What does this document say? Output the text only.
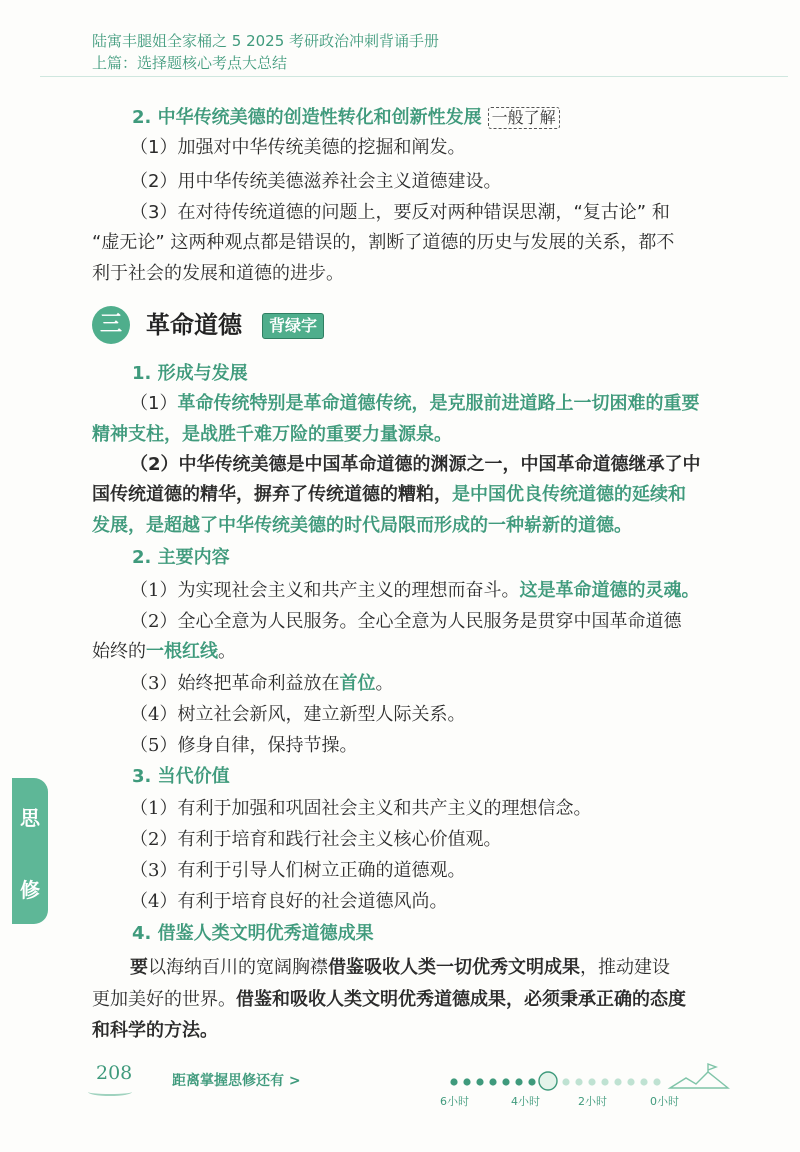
陆寓丰腿姐全家桶之 5 2025 考研政治冲刺背诵手册
上篇：选择题核心考点大总结
2. 中华传统美德的创造性转化和创新性发展 一般了解
（1）加强对中华传统美德的挖掘和阐发。
（2）用中华传统美德滋养社会主义道德建设。
（3）在对待传统道德的问题上，要反对两种错误思潮，“复古论” 和
“虚无论” 这两种观点都是错误的，割断了道德的历史与发展的关系，都不
利于社会的发展和道德的进步。
三	革命道德	背绿字
1. 形成与发展
（1）革命传统特别是革命道德传统，是克服前进道路上一切困难的重要
精神支柱，是战胜千难万险的重要力量源泉。
（2）中华传统美德是中国革命道德的渊源之一，中国革命道德继承了中
国传统道德的精华，摒弃了传统道德的糟粕，是中国优良传统道德的延续和
发展，是超越了中华传统美德的时代局限而形成的一种崭新的道德。
2. 主要内容
（1）为实现社会主义和共产主义的理想而奋斗。这是革命道德的灵魂。
（2）全心全意为人民服务。全心全意为人民服务是贯穿中国革命道德
始终的一根红线。
（3）始终把革命利益放在首位。
（4）树立社会新风，建立新型人际关系。
（5）修身自律，保持节操。
3. 当代价值
（1）有利于加强和巩固社会主义和共产主义的理想信念。
（2）有利于培育和践行社会主义核心价值观。
（3）有利于引导人们树立正确的道德观。
（4）有利于培育良好的社会道德风尚。
4. 借鉴人类文明优秀道德成果
要以海纳百川的宽阔胸襟借鉴吸收人类一切优秀文明成果，推动建设
更加美好的世界。借鉴和吸收人类文明优秀道德成果，必须秉承正确的态度
和科学的方法。
思
修
208	距离掌握思修还有 >
6小时	4小时	2小时	0小时
